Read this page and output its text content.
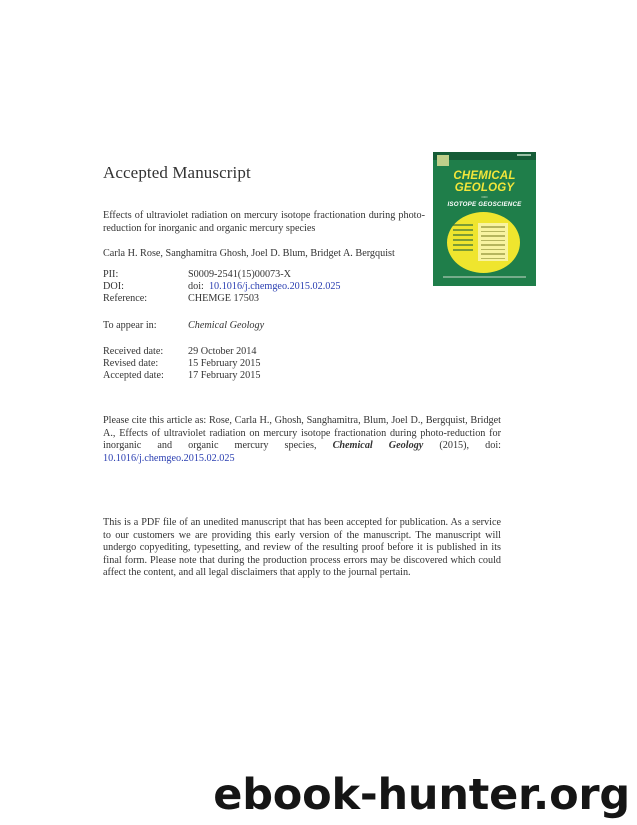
Accepted Manuscript
Effects of ultraviolet radiation on mercury isotope fractionation during photo-reduction for inorganic and organic mercury species
Carla H. Rose, Sanghamitra Ghosh, Joel D. Blum, Bridget A. Bergquist
PII:	S0009-2541(15)00073-X
DOI:	doi: 10.1016/j.chemgeo.2015.02.025
Reference:	CHEMGE 17503
To appear in:	Chemical Geology
Received date: 29 October 2014
Revised date:	15 February 2015
Accepted date: 17 February 2015
CHEMICAL
GEOLOGY
•••••
ISOTOPE GEOSCIENCE
Please cite this article as: Rose, Carla H., Ghosh, Sanghamitra, Blum, Joel D., Bergquist, Bridget A., Effects of ultraviolet radiation on mercury isotope fractionation during photo-reduction for inorganic and organic mercury species, Chemical Geology (2015), doi: 10.1016/j.chemgeo.2015.02.025
This is a PDF file of an unedited manuscript that has been accepted for publication. As a service to our customers we are providing this early version of the manuscript. The manuscript will undergo copyediting, typesetting, and review of the resulting proof before it is published in its final form. Please note that during the production process errors may be discovered which could affect the content, and all legal disclaimers that apply to the journal pertain.
ebook-hunter.org
